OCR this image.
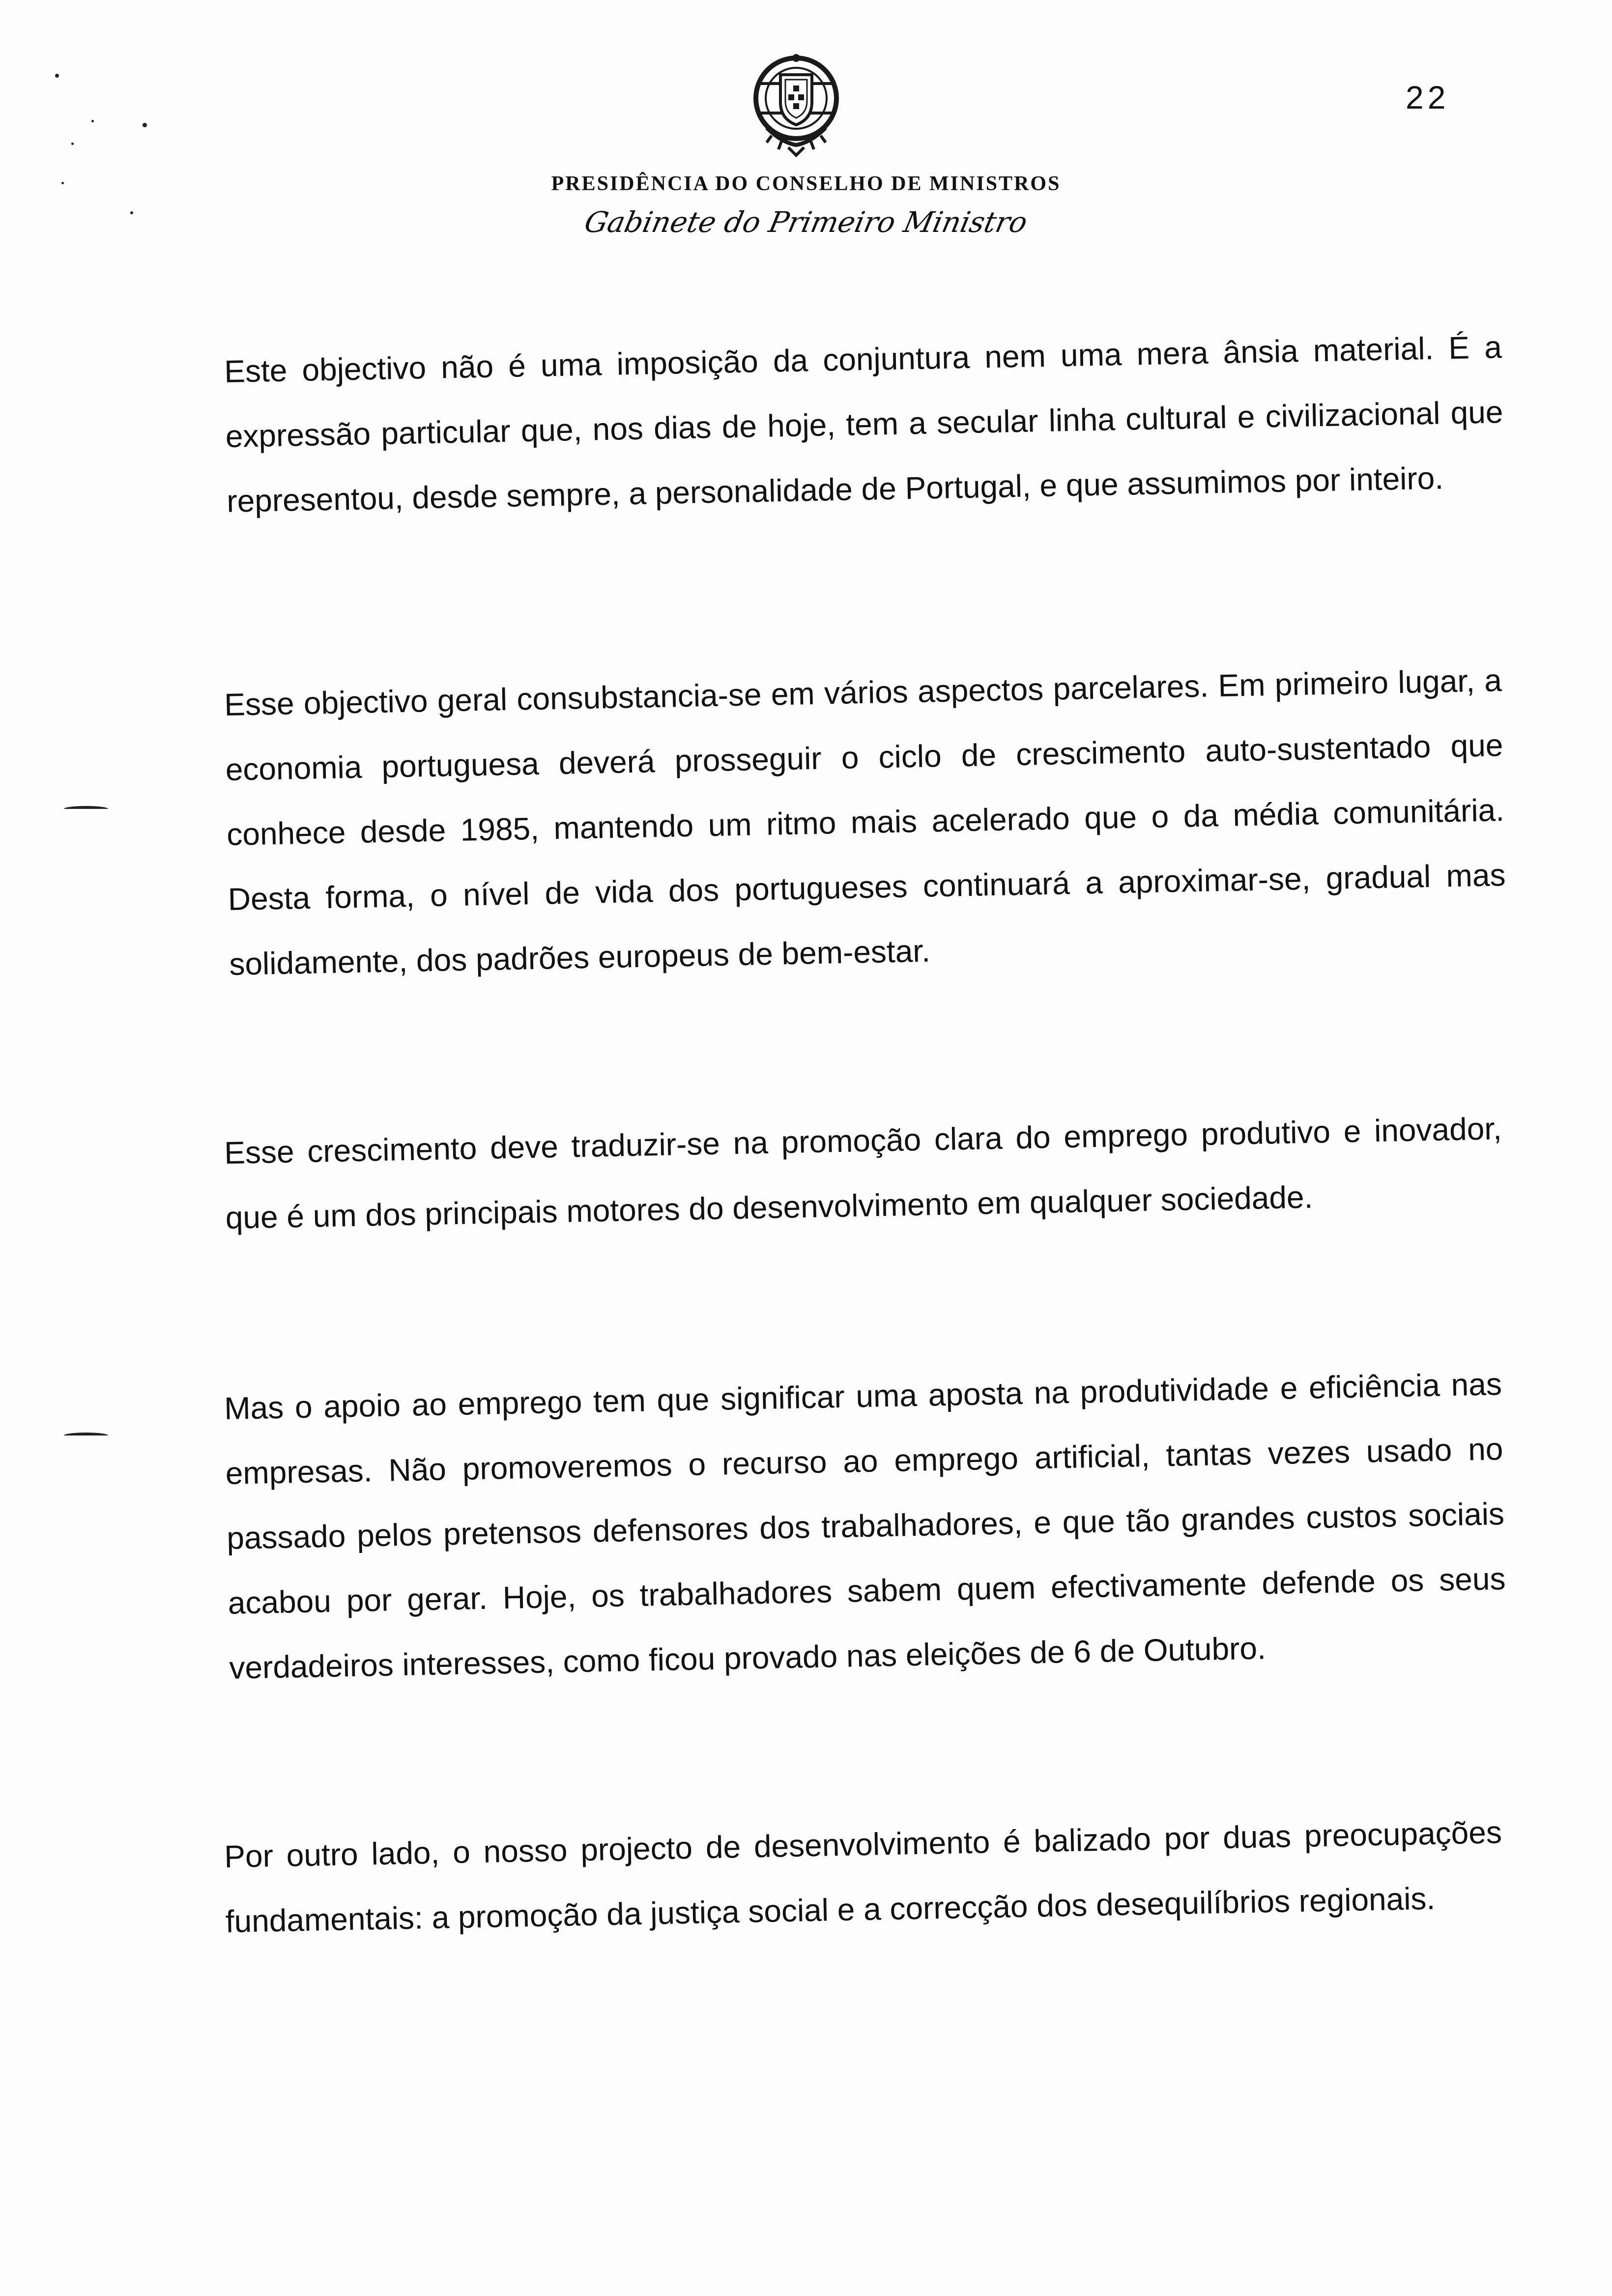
22
PRESIDÊNCIA DO CONSELHO DE MINISTROS
Gabinete do Primeiro Ministro
Este objectivo não é uma imposição da conjuntura nem uma mera ânsia material. É a expressão particular que, nos dias de hoje, tem a secular linha cultural e civilizacional que representou, desde sempre, a personalidade de Portugal, e que assumimos por inteiro.
Esse objectivo geral consubstancia-se em vários aspectos parcelares. Em primeiro lugar, a economia portuguesa deverá prosseguir o ciclo de crescimento auto-sustentado que conhece desde 1985, mantendo um ritmo mais acelerado que o da média comunitária. Desta forma, o nível de vida dos portugueses continuará a aproximar-se, gradual mas solidamente, dos padrões europeus de bem-estar.
Esse crescimento deve traduzir-se na promoção clara do emprego produtivo e inovador, que é um dos principais motores do desenvolvimento em qualquer sociedade.
Mas o apoio ao emprego tem que significar uma aposta na produtividade e eficiência nas empresas. Não promoveremos o recurso ao emprego artificial, tantas vezes usado no passado pelos pretensos defensores dos trabalhadores, e que tão grandes custos sociais acabou por gerar. Hoje, os trabalhadores sabem quem efectivamente defende os seus verdadeiros interesses, como ficou provado nas eleições de 6 de Outubro.
Por outro lado, o nosso projecto de desenvolvimento é balizado por duas preocupações fundamentais: a promoção da justiça social e a correcção dos desequilíbrios regionais.
